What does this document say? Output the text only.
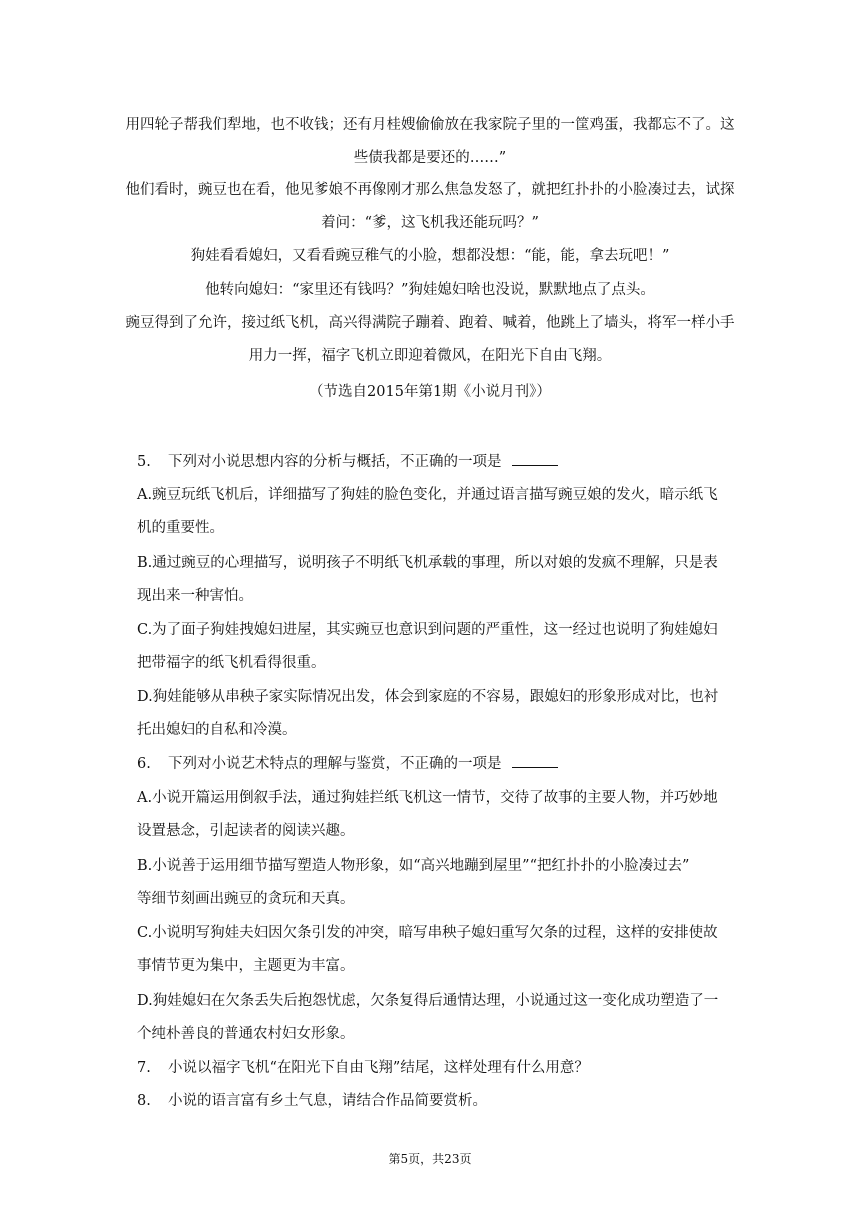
用四轮子帮我们犁地，也不收钱；还有月桂嫂偷偷放在我家院子里的一筐鸡蛋，我都忘不了。这
些债我都是要还的……”
他们看时，豌豆也在看，他见爹娘不再像刚才那么焦急发怒了，就把红扑扑的小脸凑过去，试探
着问：“爹，这飞机我还能玩吗？”
狗娃看看媳妇，又看看豌豆稚气的小脸，想都没想：“能，能，拿去玩吧！”
他转向媳妇：“家里还有钱吗？”狗娃媳妇啥也没说，默默地点了点头。
豌豆得到了允许，接过纸飞机，高兴得满院子蹦着、跑着、喊着，他跳上了墙头，将军一样小手
用力一挥，福字飞机立即迎着微风，在阳光下自由飞翔。
（节选自2015年第1期《小说月刊》）
5. 下列对小说思想内容的分析与概括，不正确的一项是
A.豌豆玩纸飞机后，详细描写了狗娃的脸色变化，并通过语言描写豌豆娘的发火，暗示纸飞
机的重要性。
B.通过豌豆的心理描写，说明孩子不明纸飞机承载的事理，所以对娘的发疯不理解，只是表
现出来一种害怕。
C.为了面子狗娃拽媳妇进屋，其实豌豆也意识到问题的严重性，这一经过也说明了狗娃媳妇
把带福字的纸飞机看得很重。
D.狗娃能够从串秧子家实际情况出发，体会到家庭的不容易，跟媳妇的形象形成对比，也衬
托出媳妇的自私和冷漠。
6. 下列对小说艺术特点的理解与鉴赏，不正确的一项是
A.小说开篇运用倒叙手法，通过狗娃拦纸飞机这一情节，交待了故事的主要人物，并巧妙地
设置悬念，引起读者的阅读兴趣。
B.小说善于运用细节描写塑造人物形象，如“高兴地蹦到屋里”“把红扑扑的小脸凑过去”
等细节刻画出豌豆的贪玩和天真。
C.小说明写狗娃夫妇因欠条引发的冲突，暗写串秧子媳妇重写欠条的过程，这样的安排使故
事情节更为集中，主题更为丰富。
D.狗娃媳妇在欠条丢失后抱怨忧虑，欠条复得后通情达理，小说通过这一变化成功塑造了一
个纯朴善良的普通农村妇女形象。
7. 小说以福字飞机“在阳光下自由飞翔”结尾，这样处理有什么用意？
8. 小说的语言富有乡土气息，请结合作品简要赏析。
第5页，共23页
